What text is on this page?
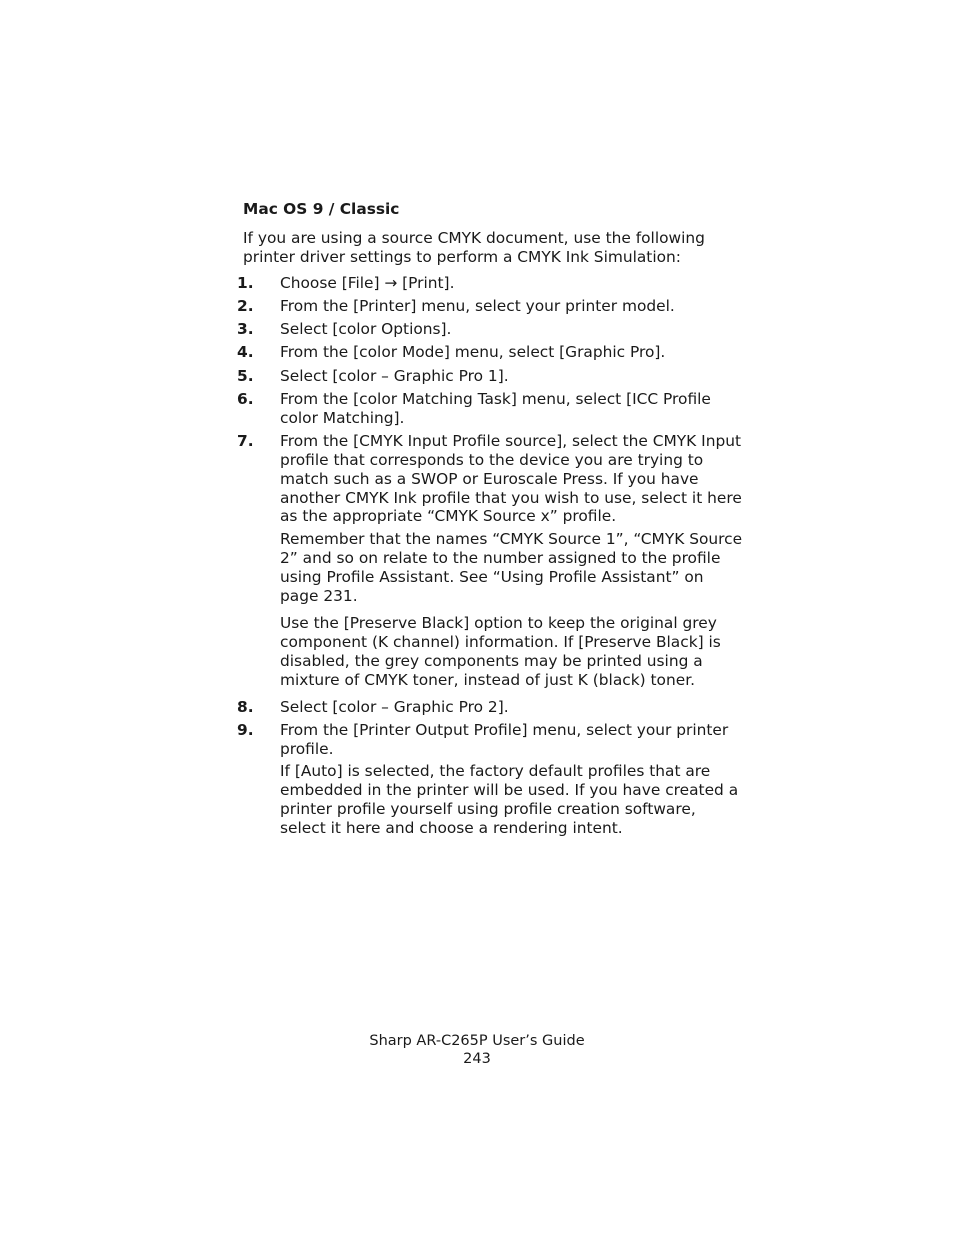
Mac OS 9 / Classic
If you are using a source CMYK document, use the following printer driver settings to perform a CMYK Ink Simulation:
1. Choose [File] → [Print].
2. From the [Printer] menu, select your printer model.
3. Select [color Options].
4. From the [color Mode] menu, select [Graphic Pro].
5. Select [color – Graphic Pro 1].
6. From the [color Matching Task] menu, select [ICC Profile color Matching].
7. From the [CMYK Input Profile source], select the CMYK Input profile that corresponds to the device you are trying to match such as a SWOP or Euroscale Press. If you have another CMYK Ink profile that you wish to use, select it here as the appropriate “CMYK Source x” profile.
Remember that the names “CMYK Source 1”, “CMYK Source 2” and so on relate to the number assigned to the profile using Profile Assistant. See “Using Profile Assistant” on page 231.
Use the [Preserve Black] option to keep the original grey component (K channel) information. If [Preserve Black] is disabled, the grey components may be printed using a mixture of CMYK toner, instead of just K (black) toner.
8. Select [color – Graphic Pro 2].
9. From the [Printer Output Profile] menu, select your printer profile.
If [Auto] is selected, the factory default profiles that are embedded in the printer will be used. If you have created a printer profile yourself using profile creation software, select it here and choose a rendering intent.
Sharp AR-C265P User’s Guide
243
